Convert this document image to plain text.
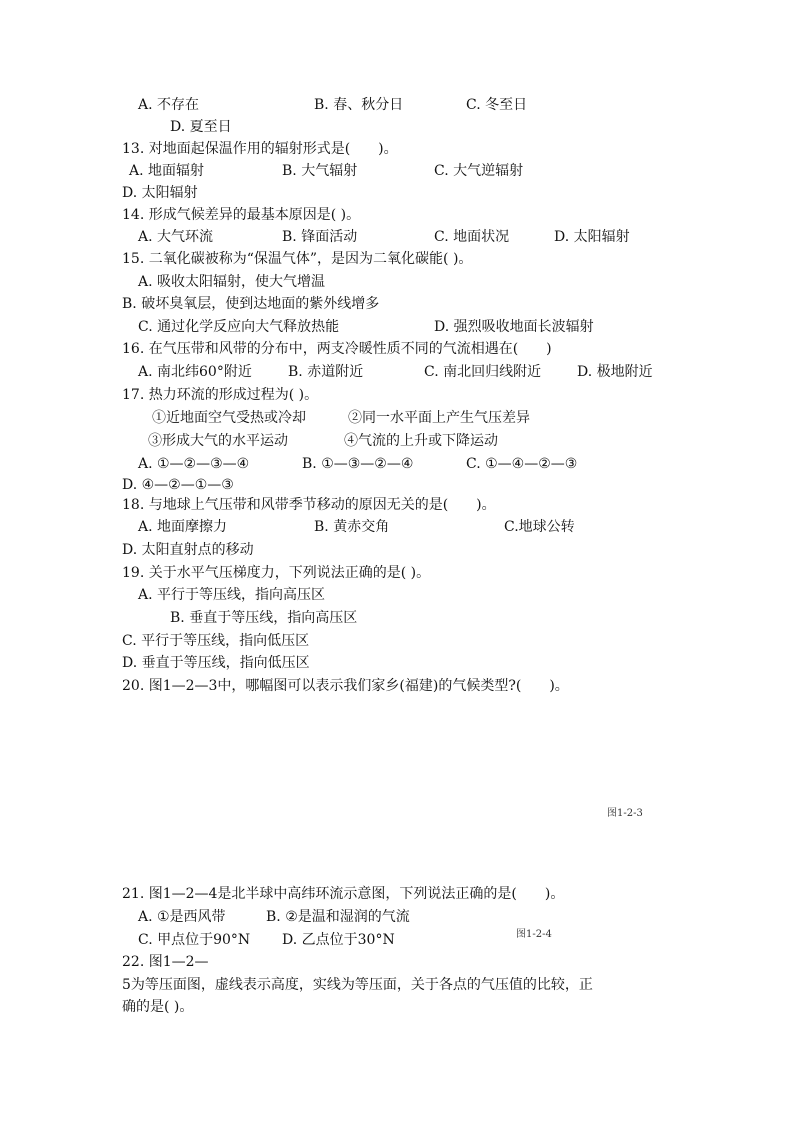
A. 不存在	B. 春、秋分日	C. 冬至日
D. 夏至日
13. 对地面起保温作用的辐射形式是(　　)。
A. 地面辐射	B. 大气辐射	C. 大气逆辐射
D. 太阳辐射
14. 形成气候差异的最基本原因是( )。
A. 大气环流	B. 锋面活动	C. 地面状况	D. 太阳辐射
15. 二氧化碳被称为“保温气体”，是因为二氧化碳能( )。
A. 吸收太阳辐射，使大气增温
B. 破坏臭氧层，使到达地面的紫外线增多
C. 通过化学反应向大气释放热能	D. 强烈吸收地面长波辐射
16. 在气压带和风带的分布中，两支冷暖性质不同的气流相遇在(　　)
A. 南北纬60°附近	B. 赤道附近	C. 南北回归线附近	D. 极地附近
17. 热力环流的形成过程为( )。
①近地面空气受热或冷却	②同一水平面上产生气压差异
③形成大气的水平运动	④气流的上升或下降运动
A. ①—②—③—④	B. ①—③—②—④	C. ①—④—②—③
D. ④—②—①—③
18. 与地球上气压带和风带季节移动的原因无关的是(　　)。
A. 地面摩擦力	B. 黄赤交角	C.地球公转
D. 太阳直射点的移动
19. 关于水平气压梯度力，下列说法正确的是( )。
A. 平行于等压线，指向高压区
B. 垂直于等压线，指向高压区
C. 平行于等压线，指向低压区
D. 垂直于等压线，指向低压区
20. 图1—2—3中，哪幅图可以表示我们家乡(福建)的气候类型?(　　)。
图1-2-3
21. 图1—2—4是北半球中高纬环流示意图，下列说法正确的是(　　)。
A. ①是西风带	B. ②是温和湿润的气流
C. 甲点位于90°N D. 乙点位于30°N	图1-2-4
22. 图1—2—
5为等压面图，虚线表示高度，实线为等压面，关于各点的气压值的比较，正
确的是( )。
